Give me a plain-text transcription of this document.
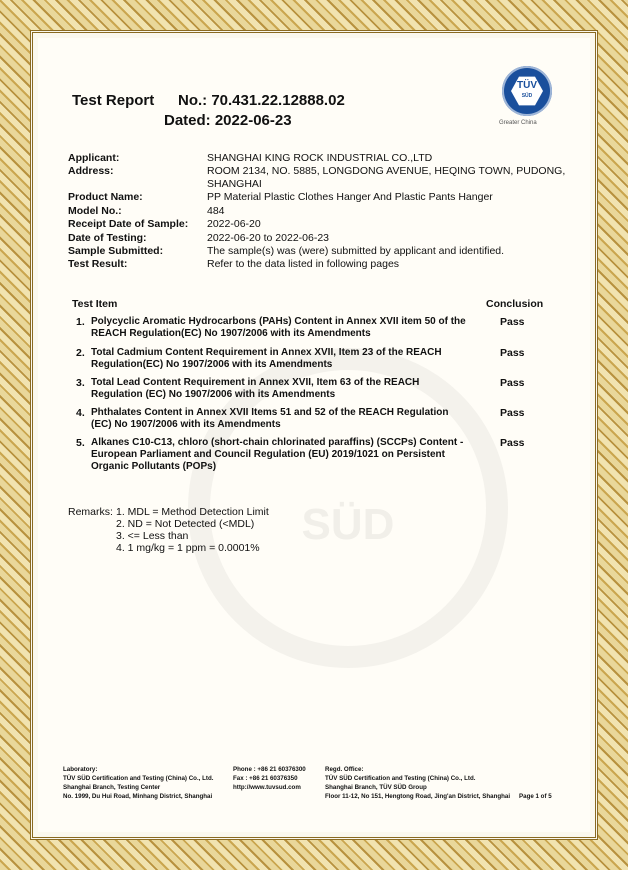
SÜD
Test Report No.: 70.431.22.12888.02
Dated: 2022-06-23
TÜV
SÜD
Greater China
Applicant:	SHANGHAI KING ROCK INDUSTRIAL CO.,LTD
Address:	ROOM 2134, NO. 5885, LONGDONG AVENUE, HEQING TOWN, PUDONG,
SHANGHAI
Product Name:	PP Material Plastic Clothes Hanger And Plastic Pants Hanger
Model No.:	484
Receipt Date of Sample: 2022-06-20
Date of Testing:	2022-06-20 to 2022-06-23
Sample Submitted:	The sample(s) was (were) submitted by applicant and identified.
Test Result:	Refer to the data listed in following pages
Test Item	Conclusion
1. Polycyclic Aromatic Hydrocarbons (PAHs) Content in Annex XVII item 50 of the REACH Regulation(EC) No 1907/2006 with its Amendments
Pass
2. Total Cadmium Content Requirement in Annex XVII, Item 23 of the REACH Regulation(EC) No 1907/2006 with its Amendments
Pass
3. Total Lead Content Requirement in Annex XVII, Item 63 of the REACH Regulation (EC) No 1907/2006 with its Amendments
Pass
4. Phthalates Content in Annex XVII Items 51 and 52 of the REACH Regulation (EC) No 1907/2006 with its Amendments
Pass
5. Alkanes C10-C13, chloro (short-chain chlorinated paraffins) (SCCPs) Content - European Parliament and Council Regulation (EU) 2019/1021 on Persistent Organic Pollutants (POPs)
Pass
Remarks: 1. MDL = Method Detection Limit
2. ND = Not Detected (<MDL)
3. <= Less than
4. 1 mg/kg = 1 ppm = 0.0001%
Laboratory:
TÜV SÜD Certification and Testing (China) Co., Ltd.
Shanghai Branch, Testing Center
No. 1999, Du Hui Road, Minhang District, Shanghai
Phone : +86 21 60376300
Fax : +86 21 60376350
http://www.tuvsud.com
Regd. Office:
TÜV SÜD Certification and Testing (China) Co., Ltd.
Shanghai Branch, TÜV SÜD Group
Floor 11-12, No 151, Hengtong Road, Jing'an District, Shanghai Page 1 of 5
